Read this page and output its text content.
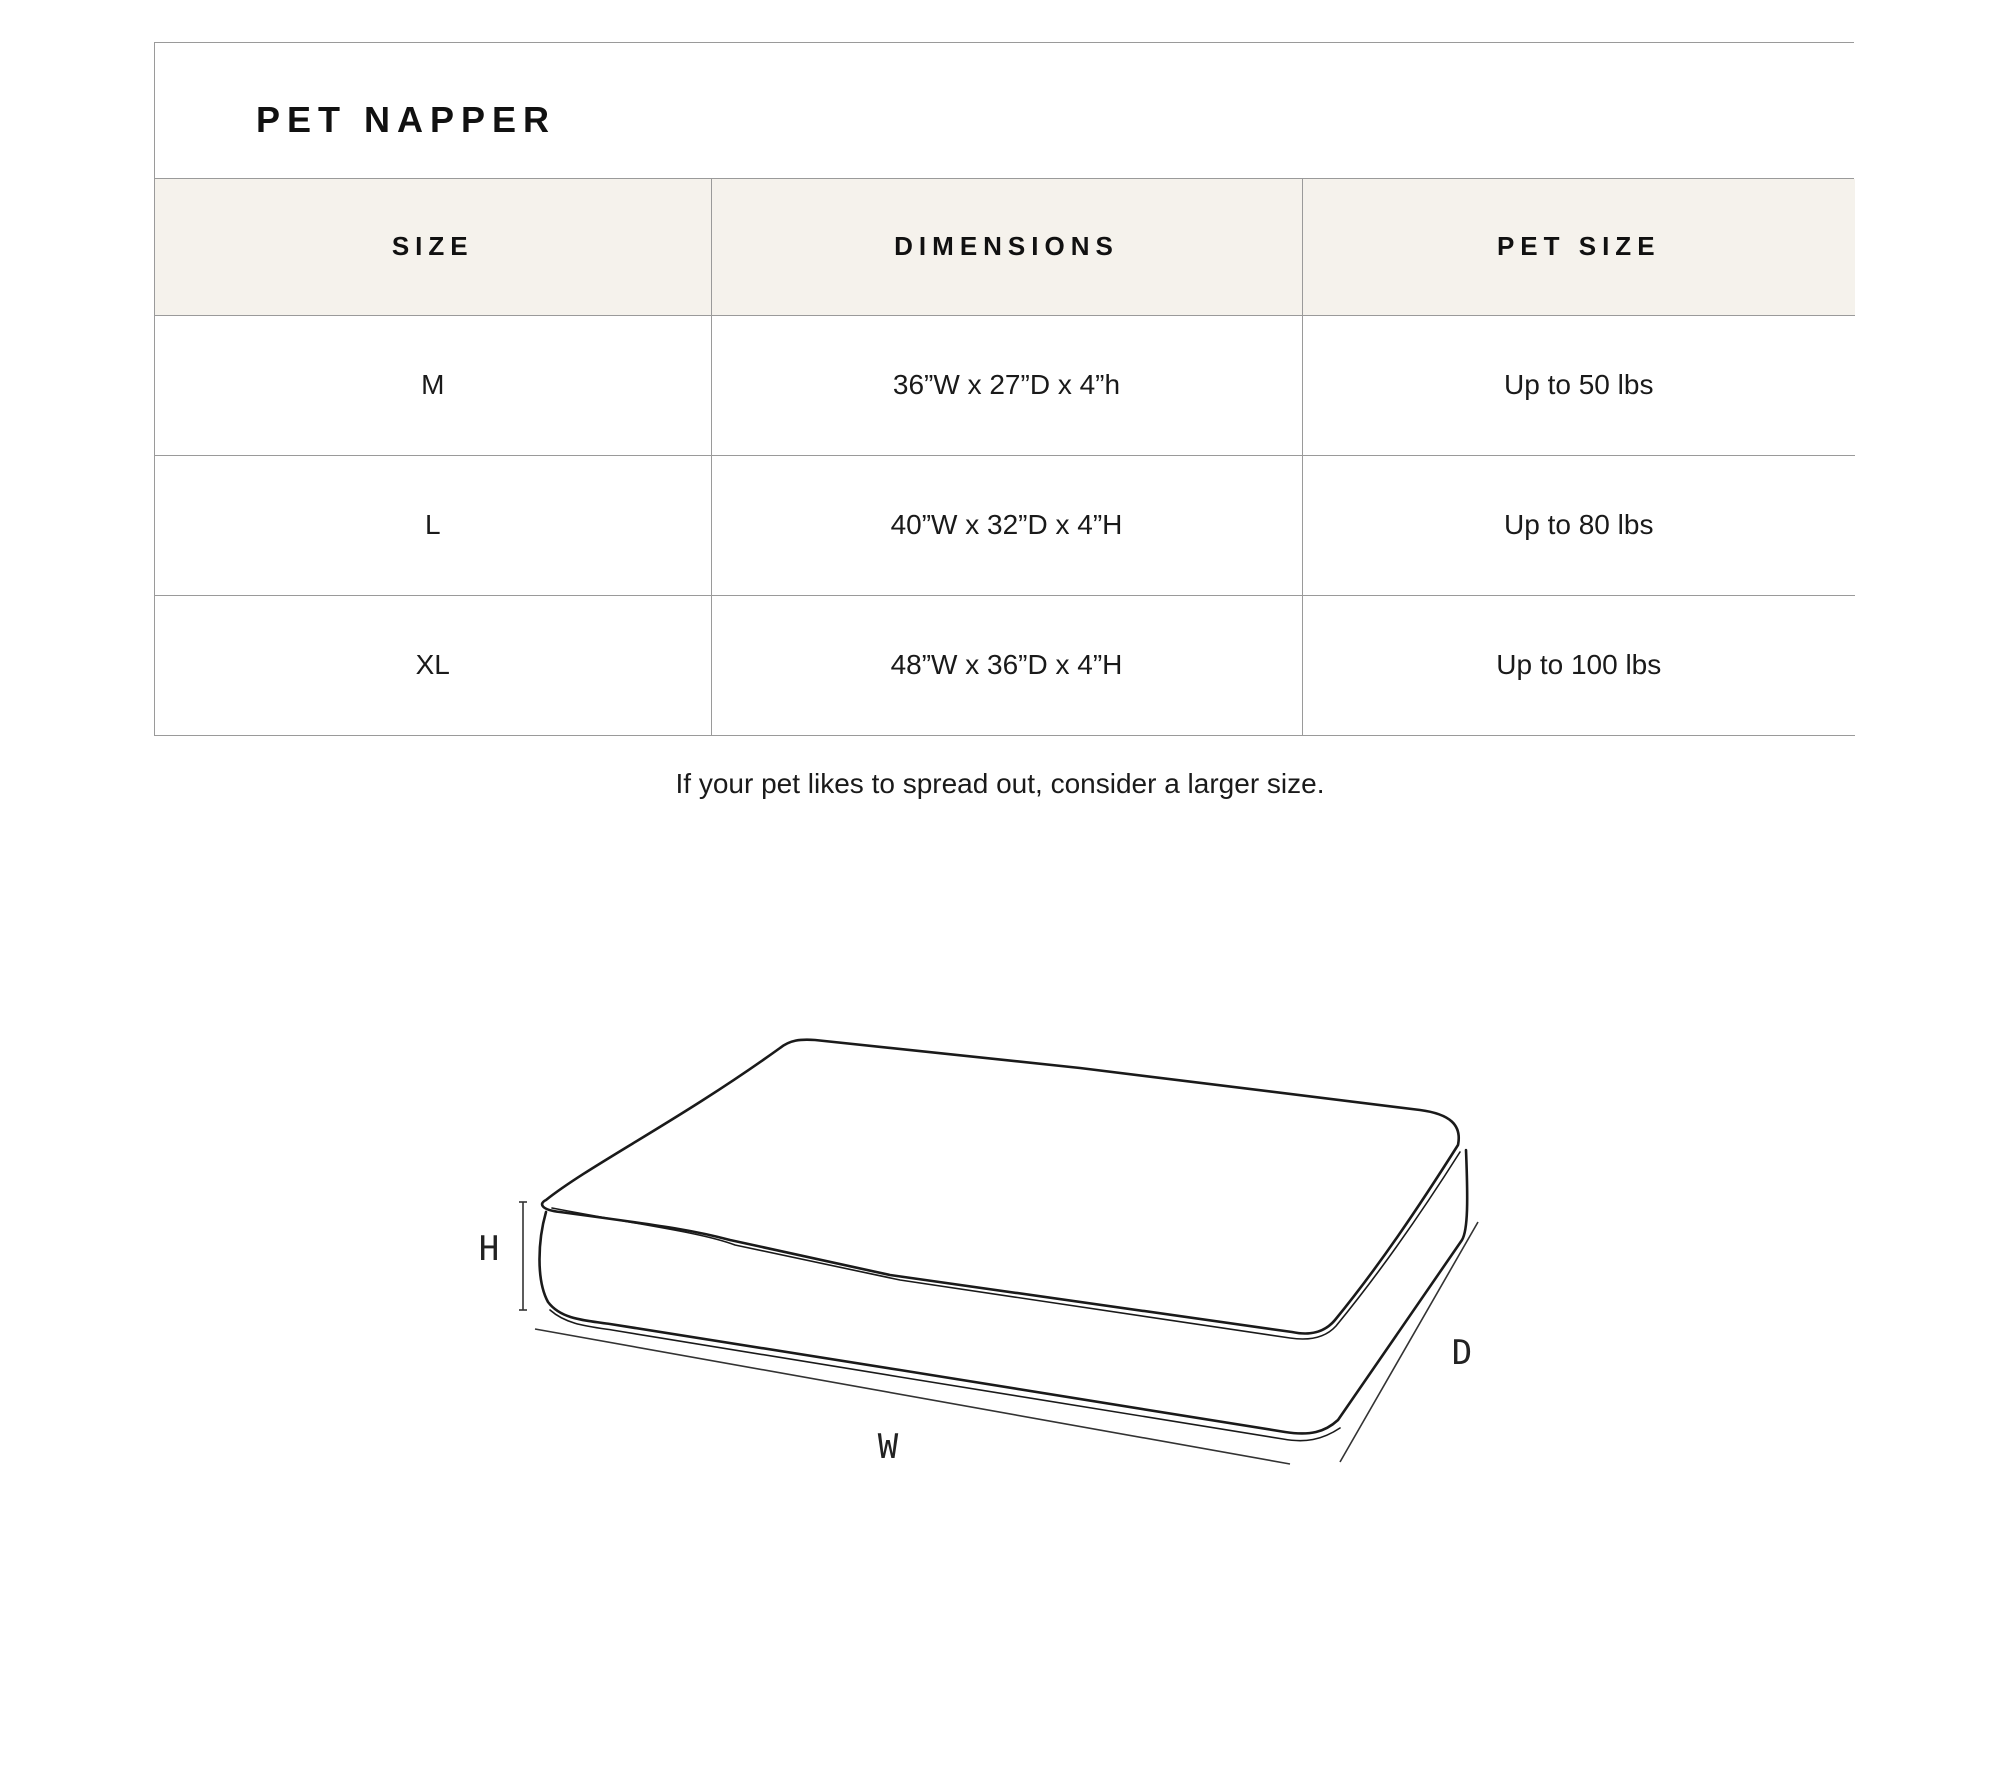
PET NAPPER
SIZE	DIMENSIONS	PET SIZE
M	36”W x 27”D x 4”h	Up to 50 lbs
L	40”W x 32”D x 4”H	Up to 80 lbs
XL	48”W x 36”D x 4”H	Up to 100 lbs
If your pet likes to spread out, consider a larger size.
H
W
D
